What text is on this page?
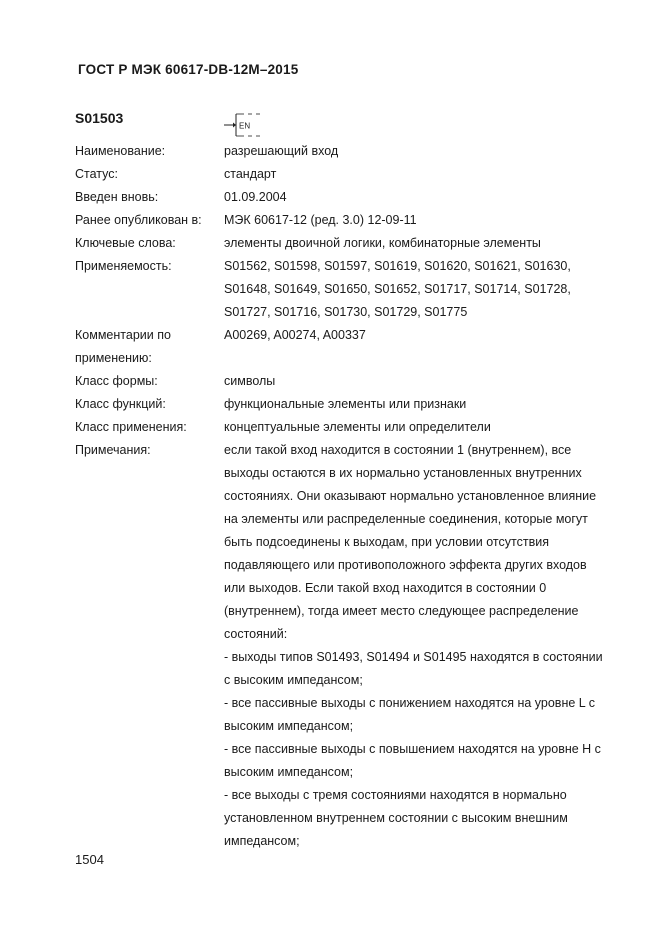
ГОСТ Р МЭК 60617-DB-12M–2015
S01503	EN
Наименование:	разрешающий вход
Статус:	стандарт
Введен вновь:	01.09.2004
Ранее опубликован в:	МЭК 60617-12 (ред. 3.0) 12-09-11
Ключевые слова:	элементы двоичной логики, комбинаторные элементы
Применяемость:	S01562, S01598, S01597, S01619, S01620, S01621, S01630,
S01648, S01649, S01650, S01652, S01717, S01714, S01728,
S01727, S01716, S01730, S01729, S01775
Комментарии по
применению:
A00269, A00274, A00337
Класс формы:	символы
Класс функций:	функциональные элементы или признаки
Класс применения:	концептуальные элементы или определители
Примечания:	если такой вход находится в состоянии 1 (внутреннем), все
выходы остаются в их нормально установленных внутренних
состояниях. Они оказывают нормально установленное влияние
на элементы или распределенные соединения, которые могут
быть подсоединены к выходам, при условии отсутствия
подавляющего или противоположного эффекта других входов
или выходов. Если такой вход находится в состоянии 0
(внутреннем), тогда имеет место следующее распределение
состояний:
- выходы типов S01493, S01494 и S01495 находятся в состоянии
с высоким импедансом;
- все пассивные выходы с понижением находятся на уровне L с
высоким импедансом;
- все пассивные выходы с повышением находятся на уровне H с
высоким импедансом;
- все выходы с тремя состояниями находятся в нормально
установленном внутреннем состоянии с высоким внешним
импедансом;
1504
